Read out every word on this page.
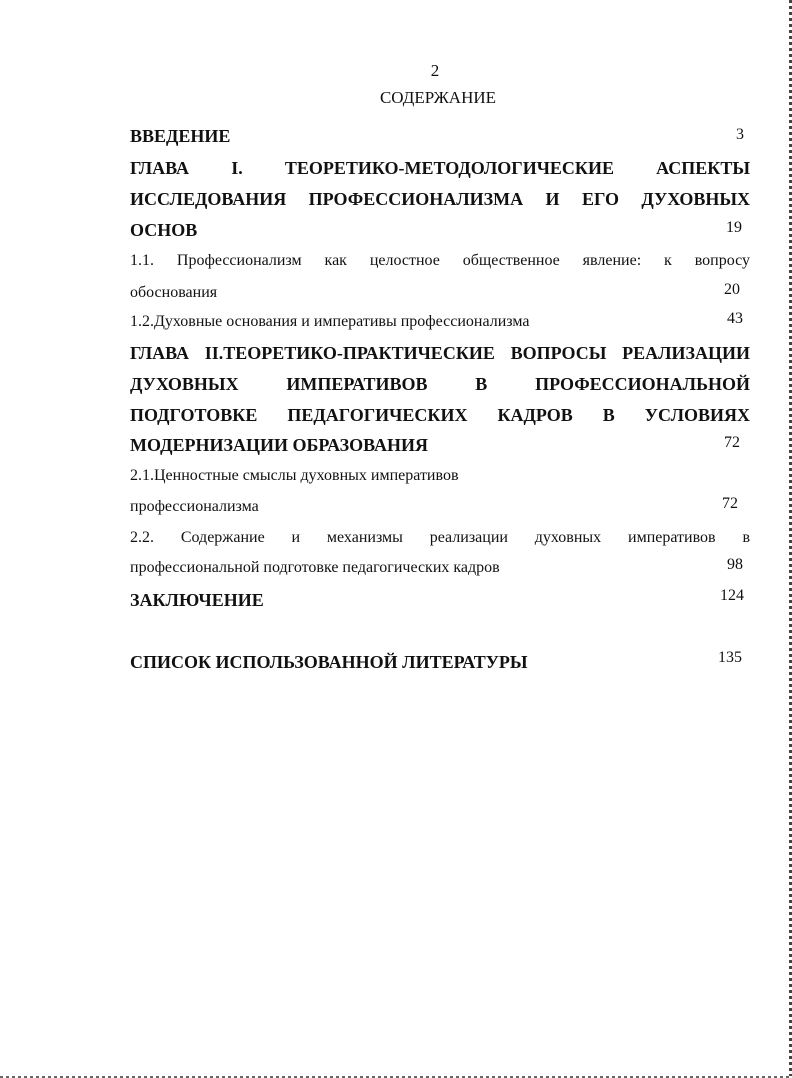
2
СОДЕРЖАНИЕ
ВВЕДЕНИЕ	3
ГЛАВА I. ТЕОРЕТИКО-МЕТОДОЛОГИЧЕСКИЕ АСПЕКТЫ
ИССЛЕДОВАНИЯ ПРОФЕССИОНАЛИЗМА И ЕГО ДУХОВНЫХ
ОСНОВ	19
1.1. Профессионализм как целостное общественное явление: к вопросу
обоснования	20
1.2.Духовные основания и императивы профессионализма	43
ГЛАВА II.ТЕОРЕТИКО-ПРАКТИЧЕСКИЕ ВОПРОСЫ РЕАЛИЗАЦИИ
ДУХОВНЫХ ИМПЕРАТИВОВ В ПРОФЕССИОНАЛЬНОЙ
ПОДГОТОВКЕ ПЕДАГОГИЧЕСКИХ КАДРОВ В УСЛОВИЯХ
МОДЕРНИЗАЦИИ ОБРАЗОВАНИЯ	72
2.1.Ценностные смыслы духовных императивов
профессионализма	72
2.2. Содержание и механизмы реализации духовных императивов в
профессиональной подготовке педагогических кадров	98
ЗАКЛЮЧЕНИЕ	124
СПИСОК ИСПОЛЬЗОВАННОЙ ЛИТЕРАТУРЫ	135
